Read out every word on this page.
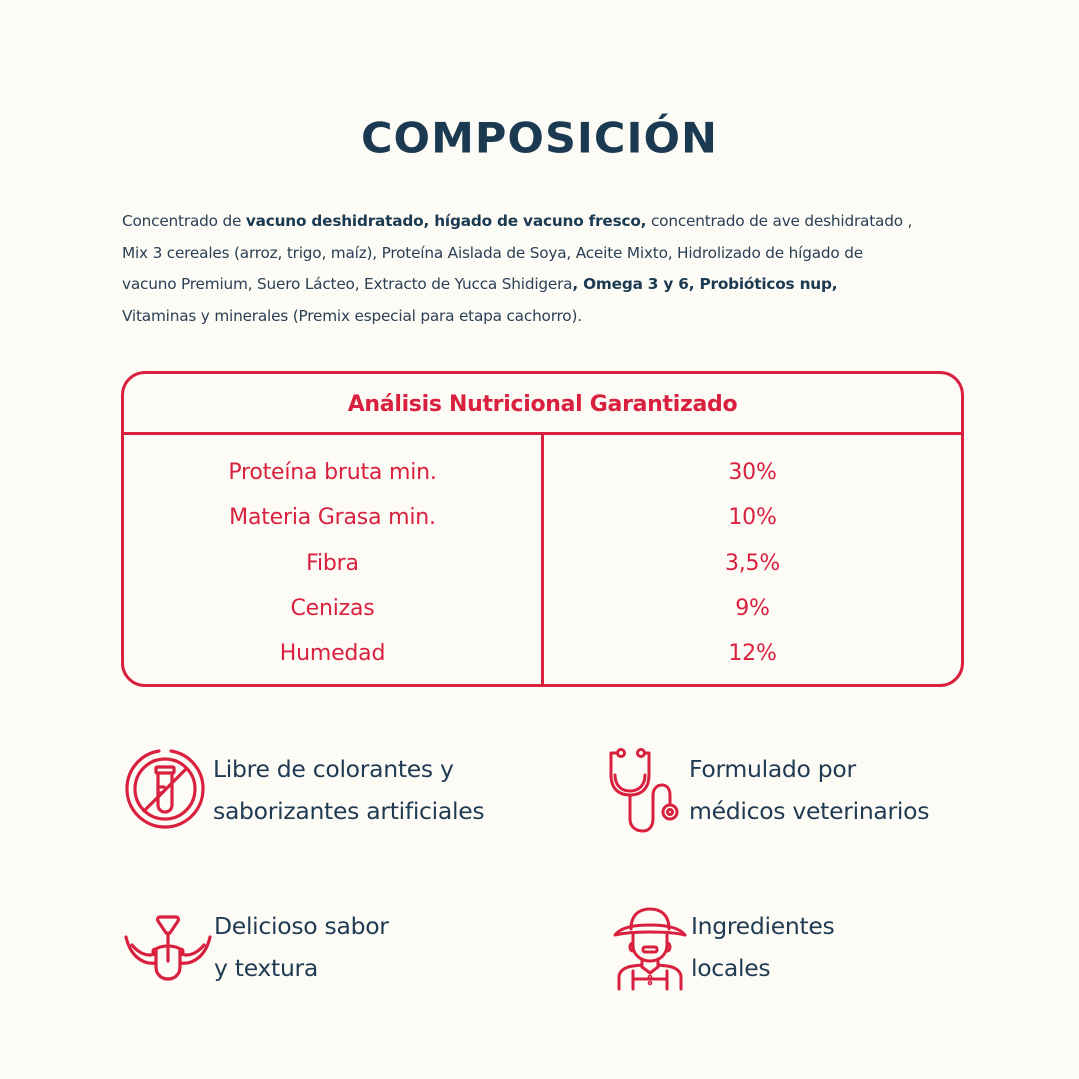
COMPOSICIÓN
Concentrado de vacuno deshidratado, hígado de vacuno fresco, concentrado de ave deshidratado ,
Mix 3 cereales (arroz, trigo, maíz), Proteína Aislada de Soya, Aceite Mixto, Hidrolizado de hígado de
vacuno Premium, Suero Lácteo, Extracto de Yucca Shidigera, Omega 3 y 6, Probióticos nup,
Vitaminas y minerales (Premix especial para etapa cachorro).
Análisis Nutricional Garantizado
Proteína bruta min.
Materia Grasa min.
Fibra
Cenizas
Humedad
30%
10%
3,5%
9%
12%
Libre de colorantes y
saborizantes artificiales
Formulado por
médicos veterinarios
Delicioso sabor
y textura
Ingredientes
locales
